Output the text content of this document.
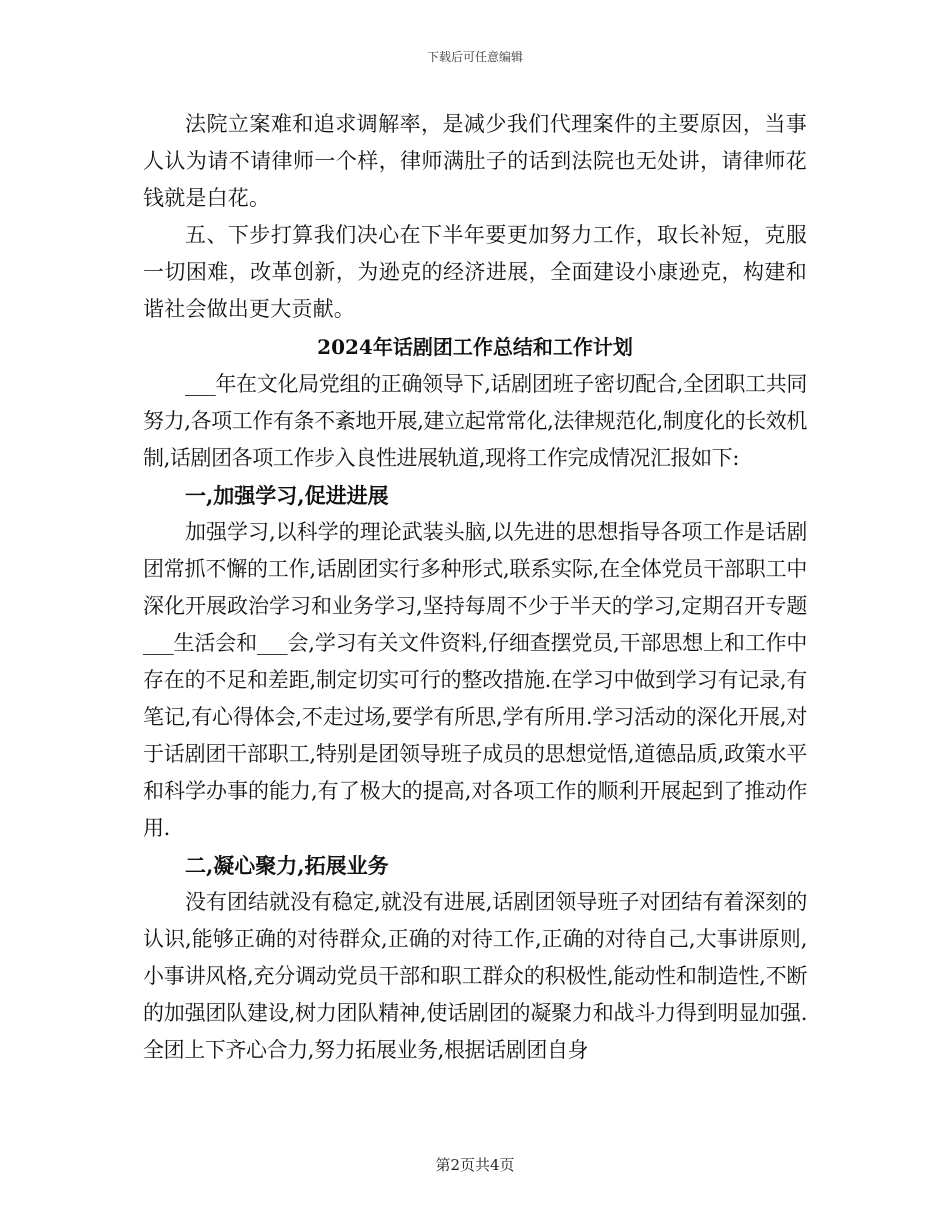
下载后可任意编辑

法院立案难和追求调解率，是减少我们代理案件的主要原因，当事人认为请不请律师一个样，律师满肚子的话到法院也无处讲，请律师花钱就是白花。

五、下步打算我们决心在下半年要更加努力工作，取长补短，克服一切困难，改革创新，为逊克的经济进展，全面建设小康逊克，构建和谐社会做出更大贡献。

2024年话剧团工作总结和工作计划

___年在文化局党组的正确领导下,话剧团班子密切配合,全团职工共同努力,各项工作有条不紊地开展,建立起常常化,法律规范化,制度化的长效机制,话剧团各项工作步入良性进展轨道,现将工作完成情况汇报如下:

一,加强学习,促进进展

加强学习,以科学的理论武装头脑,以先进的思想指导各项工作是话剧团常抓不懈的工作,话剧团实行多种形式,联系实际,在全体党员干部职工中深化开展政治学习和业务学习,坚持每周不少于半天的学习,定期召开专题___生活会和___会,学习有关文件资料,仔细查摆党员,干部思想上和工作中存在的不足和差距,制定切实可行的整改措施.在学习中做到学习有记录,有笔记,有心得体会,不走过场,要学有所思,学有所用.学习活动的深化开展,对于话剧团干部职工,特别是团领导班子成员的思想觉悟,道德品质,政策水平和科学办事的能力,有了极大的提高,对各项工作的顺利开展起到了推动作用.

二,凝心聚力,拓展业务

没有团结就没有稳定,就没有进展,话剧团领导班子对团结有着深刻的认识,能够正确的对待群众,正确的对待工作,正确的对待自己,大事讲原则,小事讲风格,充分调动党员干部和职工群众的积极性,能动性和制造性,不断的加强团队建设,树力团队精神,使话剧团的凝聚力和战斗力得到明显加强.全团上下齐心合力,努力拓展业务,根据话剧团自身

第2页共4页
